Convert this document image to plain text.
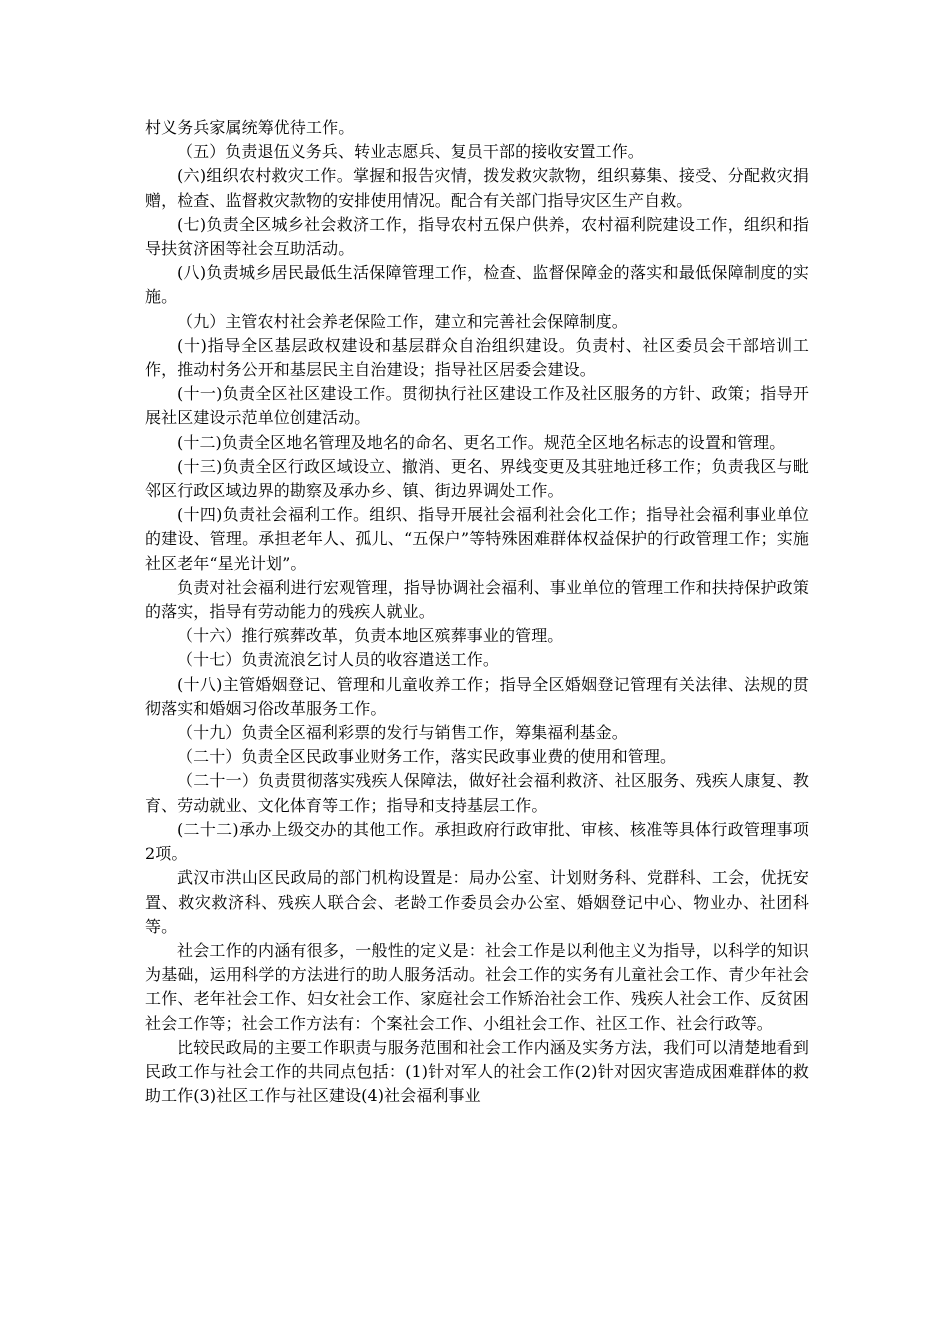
村义务兵家属统筹优待工作。

（五）负责退伍义务兵、转业志愿兵、复员干部的接收安置工作。

(六)组织农村救灾工作。掌握和报告灾情，拨发救灾款物，组织募集、接受、分配救灾捐赠，检查、监督救灾款物的安排使用情况。配合有关部门指导灾区生产自救。

(七)负责全区城乡社会救济工作，指导农村五保户供养，农村福利院建设工作，组织和指导扶贫济困等社会互助活动。

(八)负责城乡居民最低生活保障管理工作，检查、监督保障金的落实和最低保障制度的实施。

（九）主管农村社会养老保险工作，建立和完善社会保障制度。

(十)指导全区基层政权建设和基层群众自治组织建设。负责村、社区委员会干部培训工作，推动村务公开和基层民主自治建设；指导社区居委会建设。

(十一)负责全区社区建设工作。贯彻执行社区建设工作及社区服务的方针、政策；指导开展社区建设示范单位创建活动。

(十二)负责全区地名管理及地名的命名、更名工作。规范全区地名标志的设置和管理。

(十三)负责全区行政区域设立、撤消、更名、界线变更及其驻地迁移工作；负责我区与毗邻区行政区域边界的勘察及承办乡、镇、街边界调处工作。

(十四)负责社会福利工作。组织、指导开展社会福利社会化工作；指导社会福利事业单位的建设、管理。承担老年人、孤儿、“五保户”等特殊困难群体权益保护的行政管理工作；实施社区老年“星光计划”。

负责对社会福利进行宏观管理，指导协调社会福利、事业单位的管理工作和扶持保护政策的落实，指导有劳动能力的残疾人就业。

（十六）推行殡葬改革，负责本地区殡葬事业的管理。

（十七）负责流浪乞讨人员的收容遣送工作。

(十八)主管婚姻登记、管理和儿童收养工作；指导全区婚姻登记管理有关法律、法规的贯彻落实和婚姻习俗改革服务工作。

（十九）负责全区福利彩票的发行与销售工作，筹集福利基金。

（二十）负责全区民政事业财务工作，落实民政事业费的使用和管理。

（二十一）负责贯彻落实残疾人保障法，做好社会福利救济、社区服务、残疾人康复、教育、劳动就业、文化体育等工作；指导和支持基层工作。

(二十二)承办上级交办的其他工作。承担政府行政审批、审核、核准等具体行政管理事项2项。

武汉市洪山区民政局的部门机构设置是：局办公室、计划财务科、党群科、工会，优抚安置、救灾救济科、残疾人联合会、老龄工作委员会办公室、婚姻登记中心、物业办、社团科等。

社会工作的内涵有很多，一般性的定义是：社会工作是以利他主义为指导，以科学的知识为基础，运用科学的方法进行的助人服务活动。社会工作的实务有儿童社会工作、青少年社会工作、老年社会工作、妇女社会工作、家庭社会工作矫治社会工作、残疾人社会工作、反贫困社会工作等；社会工作方法有：个案社会工作、小组社会工作、社区工作、社会行政等。

比较民政局的主要工作职责与服务范围和社会工作内涵及实务方法，我们可以清楚地看到民政工作与社会工作的共同点包括：(1)针对军人的社会工作(2)针对因灾害造成困难群体的救助工作(3)社区工作与社区建设(4)社会福利事业
